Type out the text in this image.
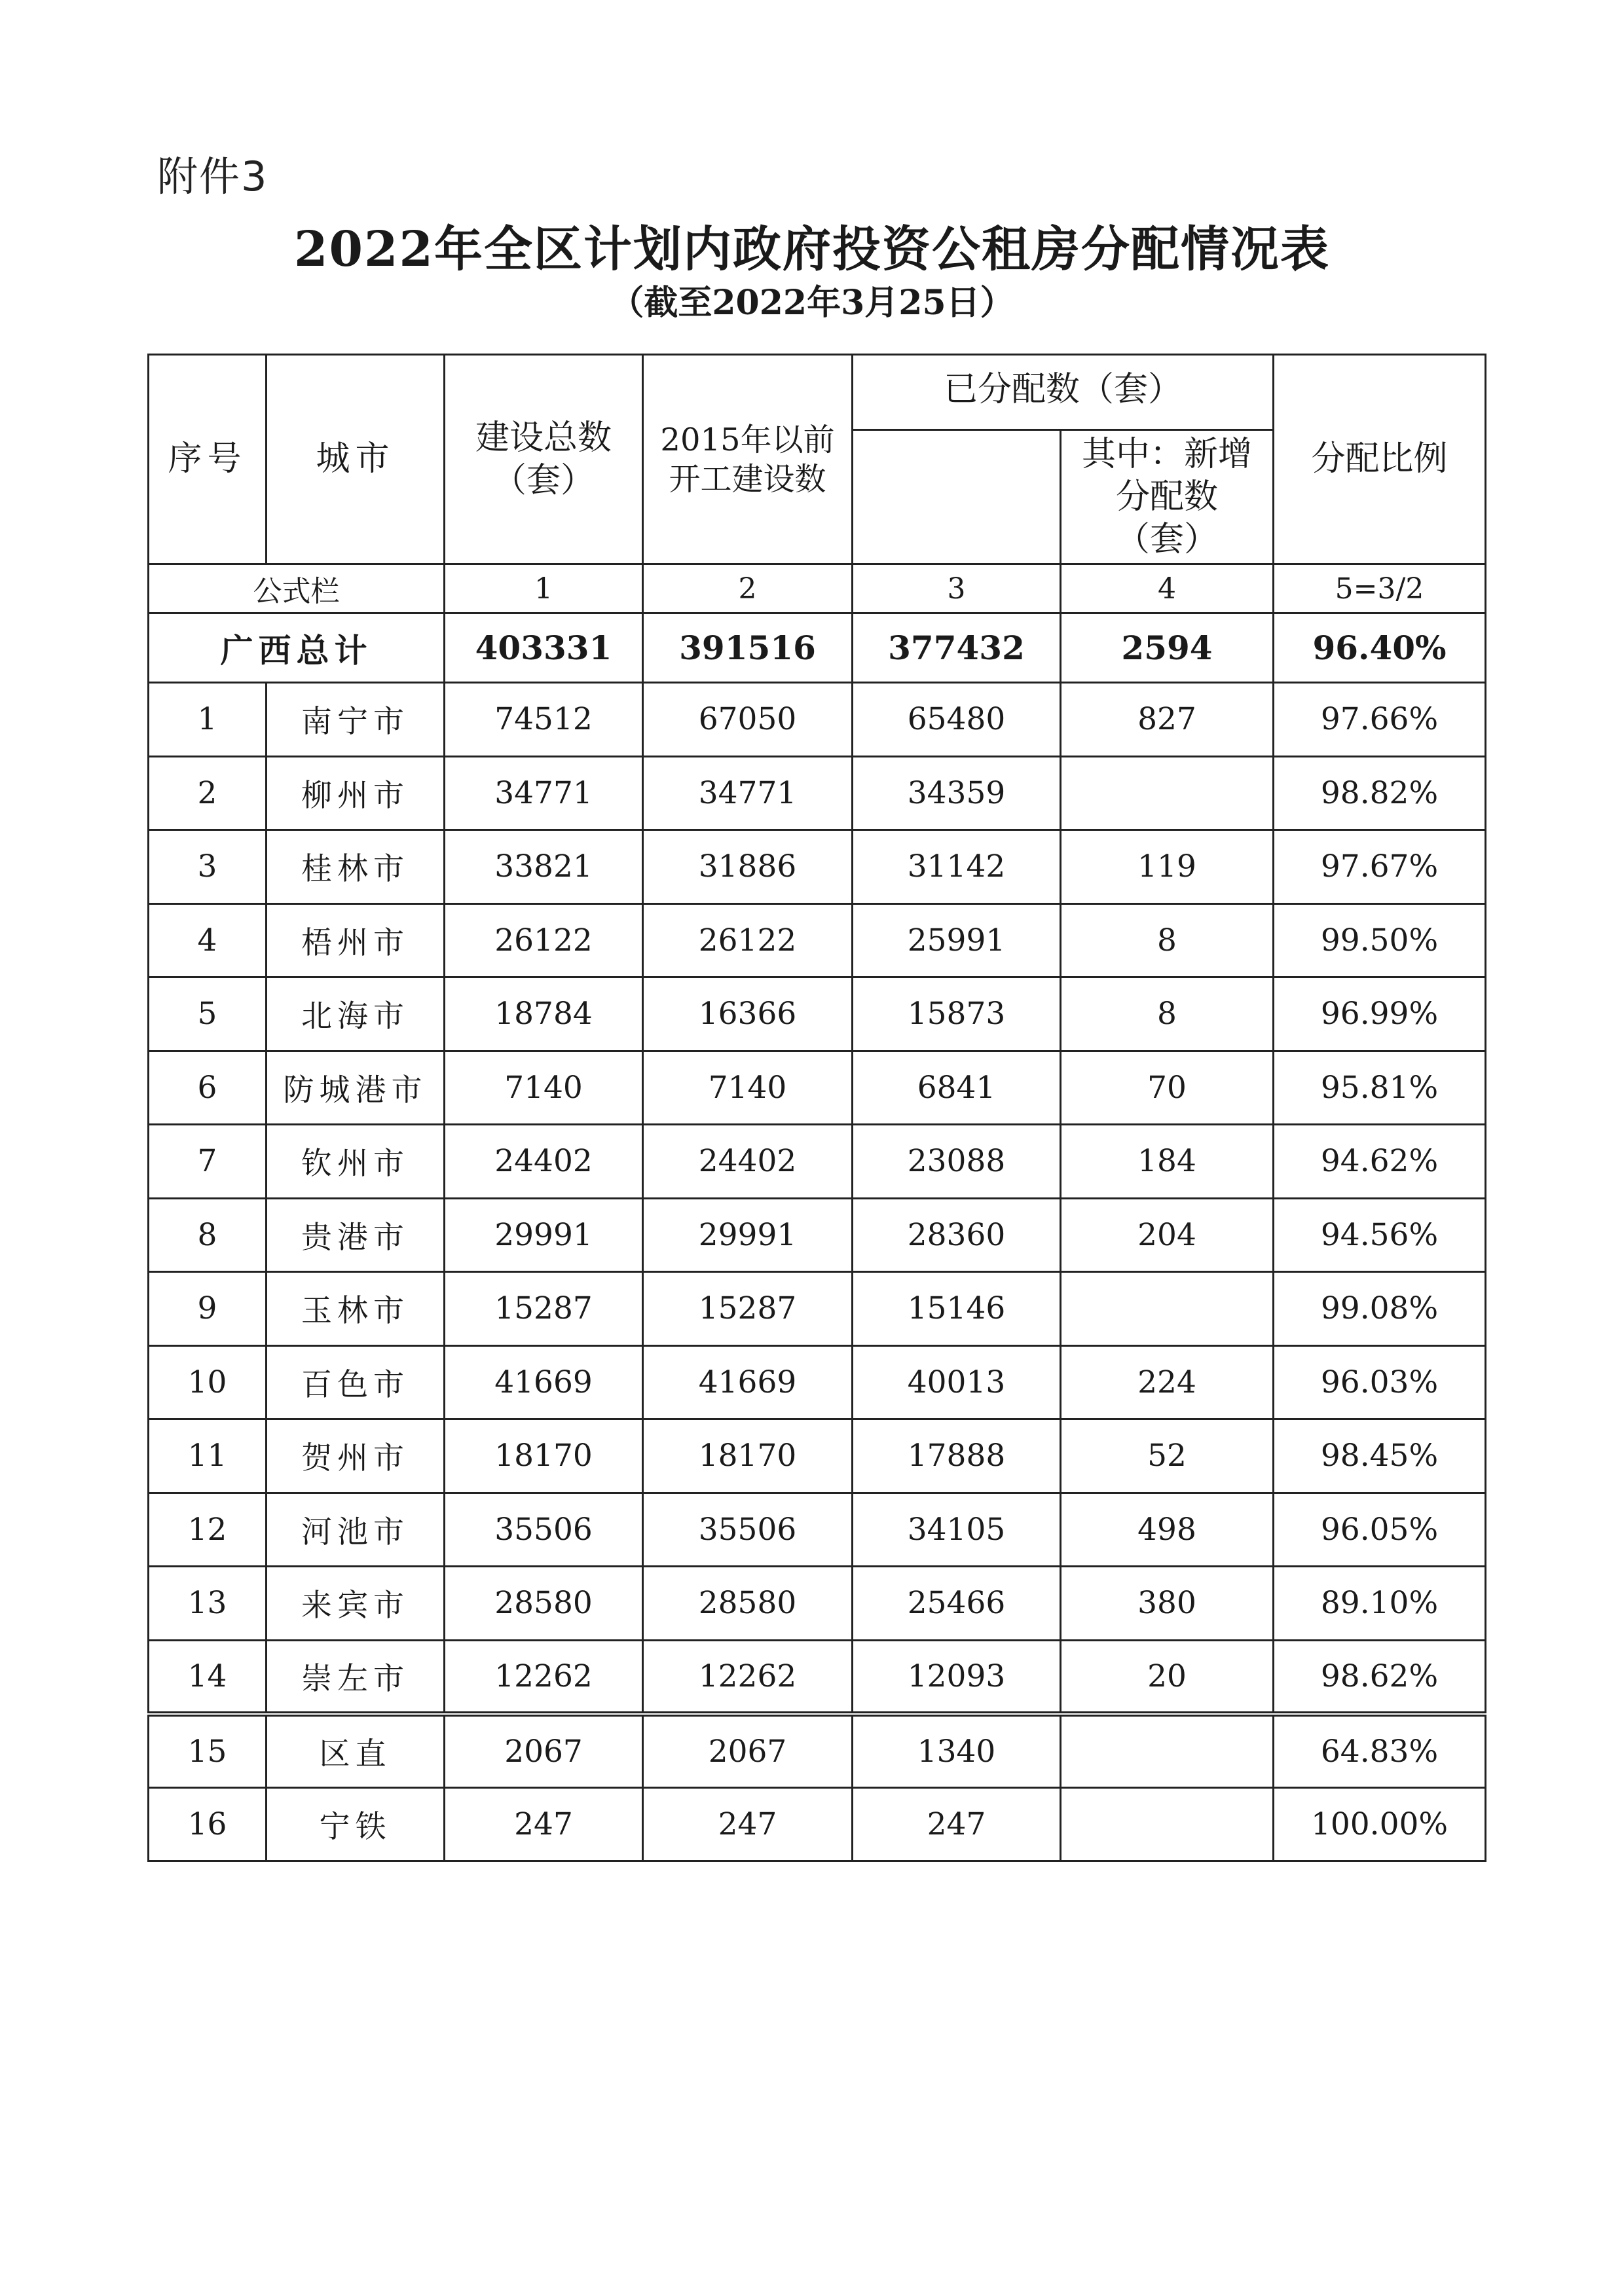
附件3
2022年全区计划内政府投资公租房分配情况表
（截至2022年3月25日）
序号	城市	建设总数（套）	2015年以前开工建设数	已分配数（套）		分配比例
					其中：新增分配数（套）	
公式栏		1	2	3	4	5=3/2
广西总计		403331	391516	377432	2594	96.40%
1	南宁市	74512	67050	65480	827	97.66%
2	柳州市	34771	34771	34359		98.82%
3	桂林市	33821	31886	31142	119	97.67%
4	梧州市	26122	26122	25991	8	99.50%
5	北海市	18784	16366	15873	8	96.99%
6	防城港市	7140	7140	6841	70	95.81%
7	钦州市	24402	24402	23088	184	94.62%
8	贵港市	29991	29991	28360	204	94.56%
9	玉林市	15287	15287	15146		99.08%
10	百色市	41669	41669	40013	224	96.03%
11	贺州市	18170	18170	17888	52	98.45%
12	河池市	35506	35506	34105	498	96.05%
13	来宾市	28580	28580	25466	380	89.10%
14	崇左市	12262	12262	12093	20	98.62%
15	区直	2067	2067	1340		64.83%
16	宁铁	247	247	247		100.00%
